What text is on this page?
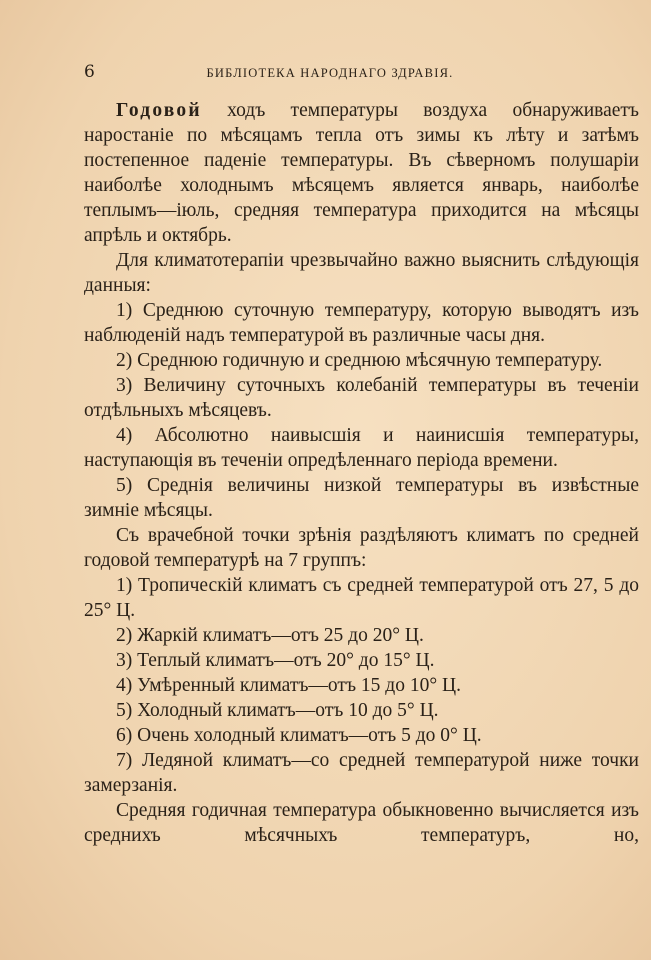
6	БИБЛІОТЕКА НАРОДНАГО ЗДРАВІЯ.

Годовой ходъ температуры воздуха обнаруживаетъ наростаніе по мѣсяцамъ тепла отъ зимы къ лѣту и затѣмъ постепенное паденіе температуры. Въ сѣверномъ полушаріи наиболѣе холоднымъ мѣсяцемъ является январь, наиболѣе теплымъ—іюль, средняя температура приходится на мѣсяцы апрѣль и октябрь.

Для климатотерапіи чрезвычайно важно выяснить слѣдующія данныя:

1) Среднюю суточную температуру, которую выводятъ изъ наблюденій надъ температурой въ различные часы дня.

2) Среднюю годичную и среднюю мѣсячную температуру.

3) Величину суточныхъ колебаній температуры въ теченіи отдѣльныхъ мѣсяцевъ.

4) Абсолютно наивысшія и наинисшія температуры, наступающія въ теченіи опредѣленнаго періода времени.

5) Среднія величины низкой температуры въ извѣстные зимніе мѣсяцы.

Съ врачебной точки зрѣнія раздѣляютъ климатъ по средней годовой температурѣ на 7 группъ:

1) Тропическій климатъ съ средней температурой отъ 27, 5 до 25° Ц.

2) Жаркій климатъ—отъ 25 до 20° Ц.

3) Теплый климатъ—отъ 20° до 15° Ц.

4) Умѣренный климатъ—отъ 15 до 10° Ц.

5) Холодный климатъ—отъ 10 до 5° Ц.

6) Очень холодный климатъ—отъ 5 до 0° Ц.

7) Ледяной климатъ—со средней температурой ниже точки замерзанія.

Средняя годичная температура обыкновенно вычисляется изъ среднихъ мѣсячныхъ температуръ, но,
